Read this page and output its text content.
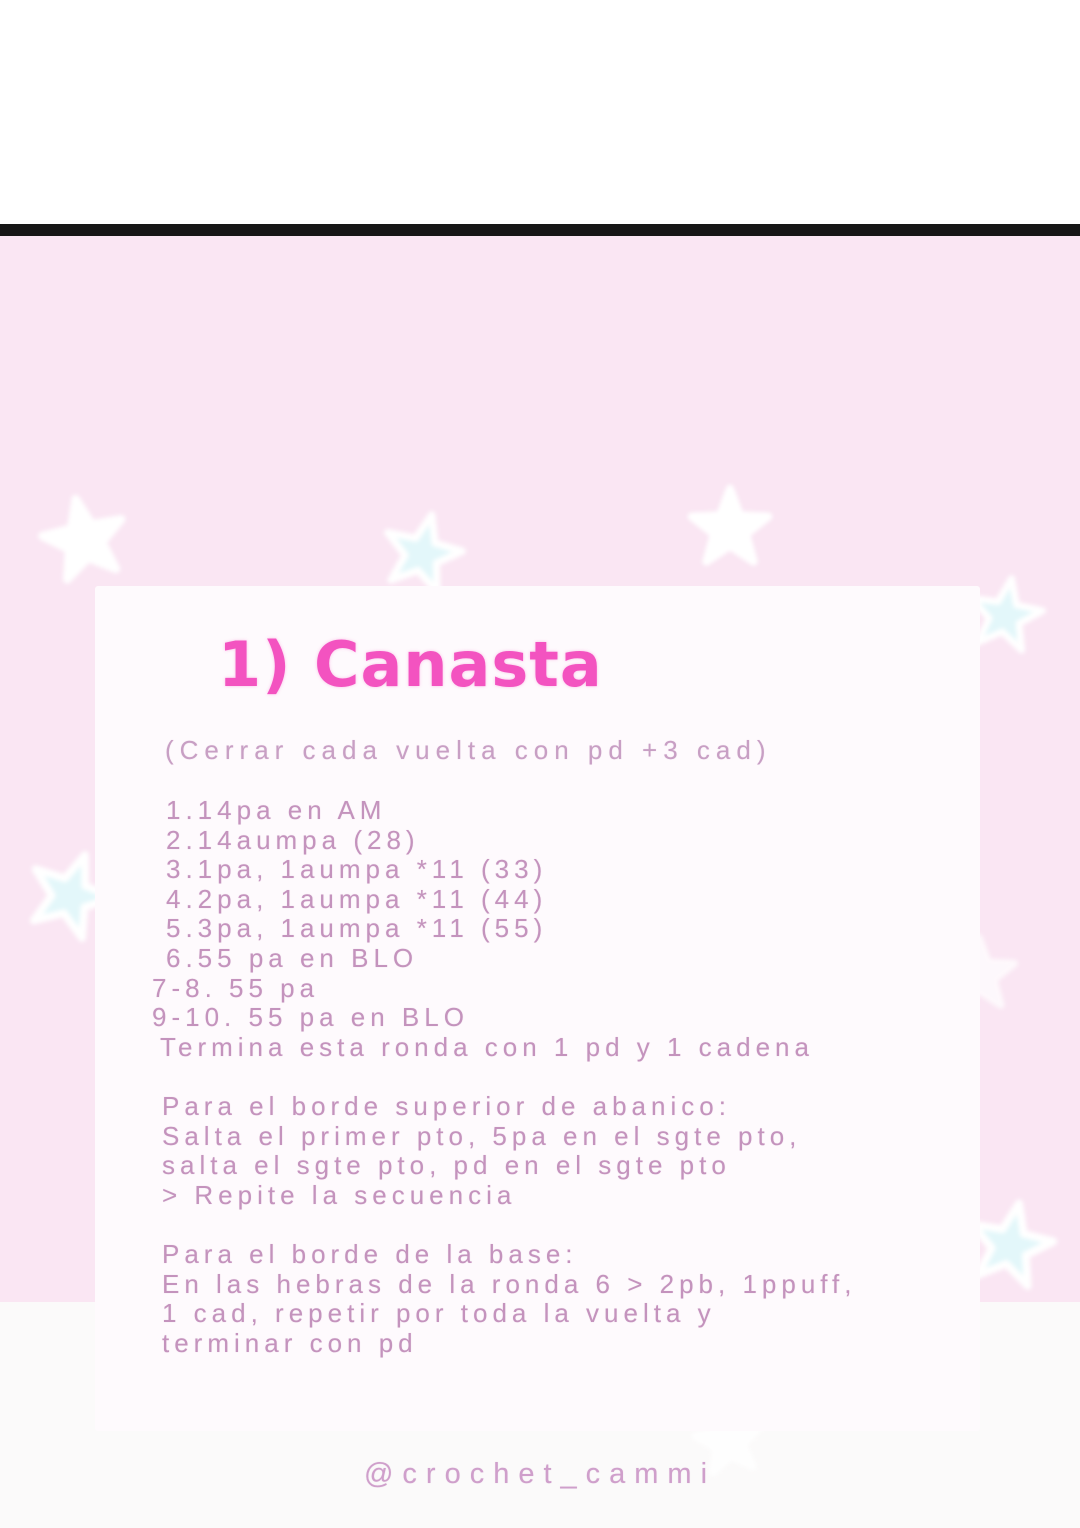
1) Canasta
(Cerrar cada vuelta con pd +3 cad)
1.14pa en AM
2.14aumpa (28)
3.1pa, 1aumpa *11 (33)
4.2pa, 1aumpa *11 (44)
5.3pa, 1aumpa *11 (55)
6.55 pa en BLO
7-8. 55 pa
9-10. 55 pa en BLO
Termina esta ronda con 1 pd y 1 cadena
Para el borde superior de abanico:
Salta el primer pto, 5pa en el sgte pto,
salta el sgte pto, pd en el sgte pto
> Repite la secuencia
Para el borde de la base:
En las hebras de la ronda 6 > 2pb, 1ppuff,
1 cad, repetir por toda la vuelta y
terminar con pd
@crochet_cammi
